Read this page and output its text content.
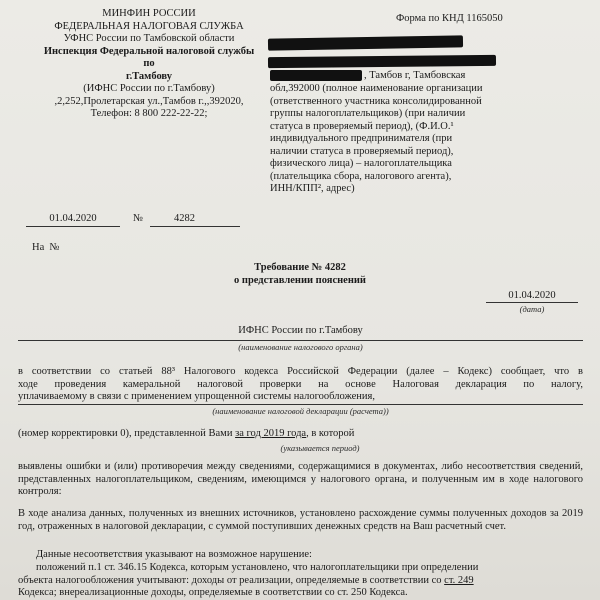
МИНФИН РОССИИ
ФЕДЕРАЛЬНАЯ НАЛОГОВАЯ СЛУЖБА
УФНС России по Тамбовской области
Инспекция Федеральной налоговой службы по
г.Тамбову
(ИФНС России по г.Тамбову)
,2,252,Пролетарская ул.,Тамбов г.,,392020,
Телефон: 8 800 222-22-22;
Форма по КНД 1165050
, Тамбов г, Тамбовская
обл,392000 (полное наименование организации
(ответственного участника консолидированной
группы налогоплательщиков) (при наличии
статуса в проверяемый период), (Ф.И.О.¹
индивидуального предпринимателя (при
наличии статуса в проверяемый период),
физического лица) – налогоплательщика
(плательщика сбора, налогового агента),
ИНН/КПП², адрес)
01.04.2020	№	4282
На  №
Требование № 4282
о представлении пояснений
01.04.2020
(дата)
ИФНС России по г.Тамбову
(наименование налогового органа)
в соответствии со статьей 88³ Налогового кодекса Российской Федерации (далее – Кодекс) сообщает, что в
ходе проведения камеральной налоговой проверки на основе Налоговая декларация по налогу,
уплачиваемому в связи с применением упрощенной системы налогообложения,
(наименование налоговой декларации (расчета))
(номер корректировки 0), представленной Вами за год 2019 года, в которой
(указывается период)
выявлены ошибки и (или) противоречия между сведениями, содержащимися в документах, либо несоответствия сведений, представленных налогоплательщиком, сведениям, имеющимся у налогового органа, и полученным им в ходе налогового контроля:
В ходе анализа данных, полученных из внешних источников, установлено расхождение суммы полученных доходов за 2019 год, отраженных в налоговой декларации, с суммой поступивших денежных средств на Ваш расчетный счет.
Данные несоответствия указывают на возможное нарушение:
положений п.1 ст. 346.15 Кодекса, которым установлено, что налогоплательщики при определении
объекта налогообложения учитывают: доходы от реализации, определяемые в соответствии со ст. 249
Кодекса; внереализационные доходы, определяемые в соответствии со ст. 250 Кодекса.
